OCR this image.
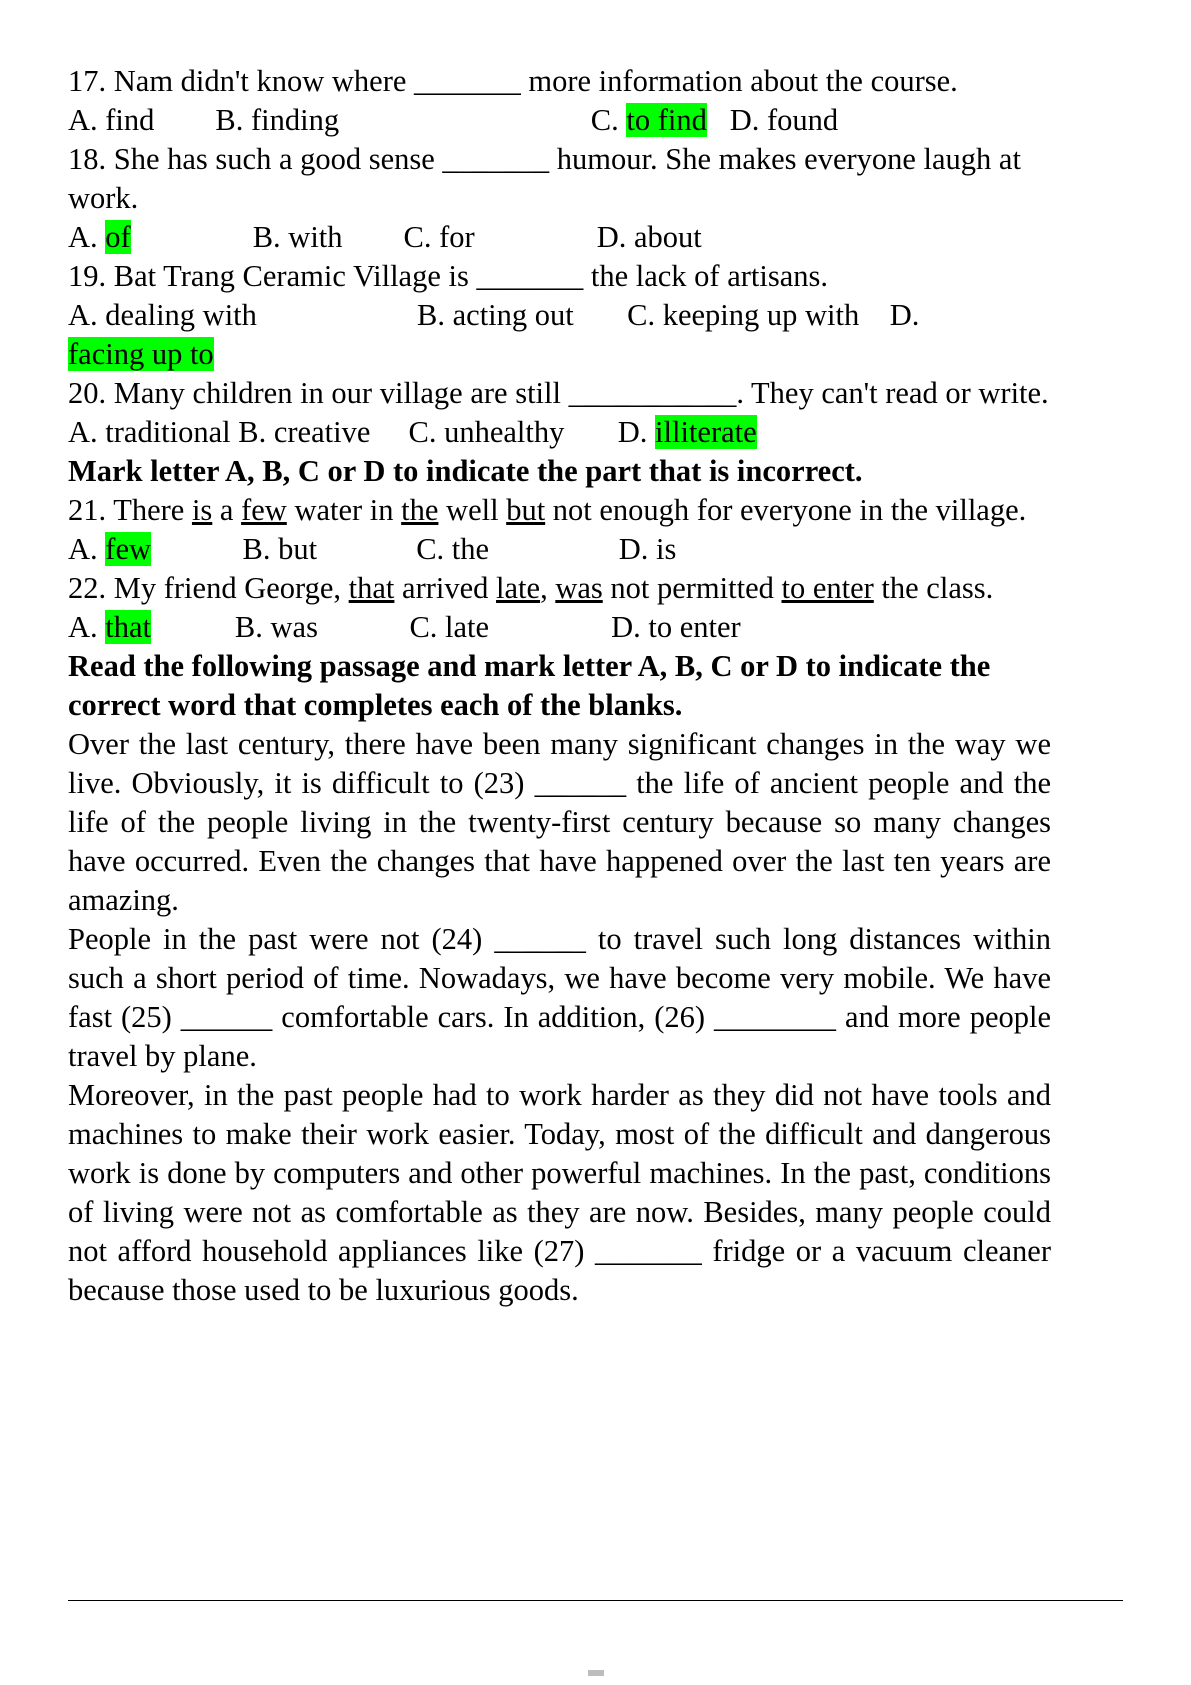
17. Nam didn't know where _______ more information about the course.

A. find B. finding	C. to find D. found

18. She has such a good sense _______ humour. She makes everyone laugh at work.

A. of	B. with C. for	D. about

19. Bat Trang Ceramic Village is _______ the lack of artisans.

A. dealing with	B. acting out C. keeping up with D.
facing up to

20. Many children in our village are still ___________. They can't read or write.

A. traditional B. creative C. unhealthy D. illiterate

Mark letter A, B, C or D to indicate the part that is incorrect.

21. There is a few water in the well but not enough for everyone in the village.

A. few	B. but	C. the	D. is

22. My friend George, that arrived late, was not permitted to enter the class.

A. that	B. was	C. late	D. to enter

Read the following passage and mark letter A, B, C or D to indicate the correct word that completes each of the blanks.

Over the last century, there have been many significant changes in the way we live. Obviously, it is difficult to (23) ______ the life of ancient people and the life of the people living in the twenty-first century because so many changes have occurred. Even the changes that have happened over the last ten years are amazing.

People in the past were not (24) ______ to travel such long distances within such a short period of time. Nowadays, we have become very mobile. We have fast (25) ______ comfortable cars. In addition, (26) ________ and more people travel by plane.

Moreover, in the past people had to work harder as they did not have tools and machines to make their work easier. Today, most of the difficult and dangerous work is done by computers and other powerful machines. In the past, conditions of living were not as comfortable as they are now. Besides, many people could not afford household appliances like (27) _______ fridge or a vacuum cleaner because those used to be luxurious goods.
